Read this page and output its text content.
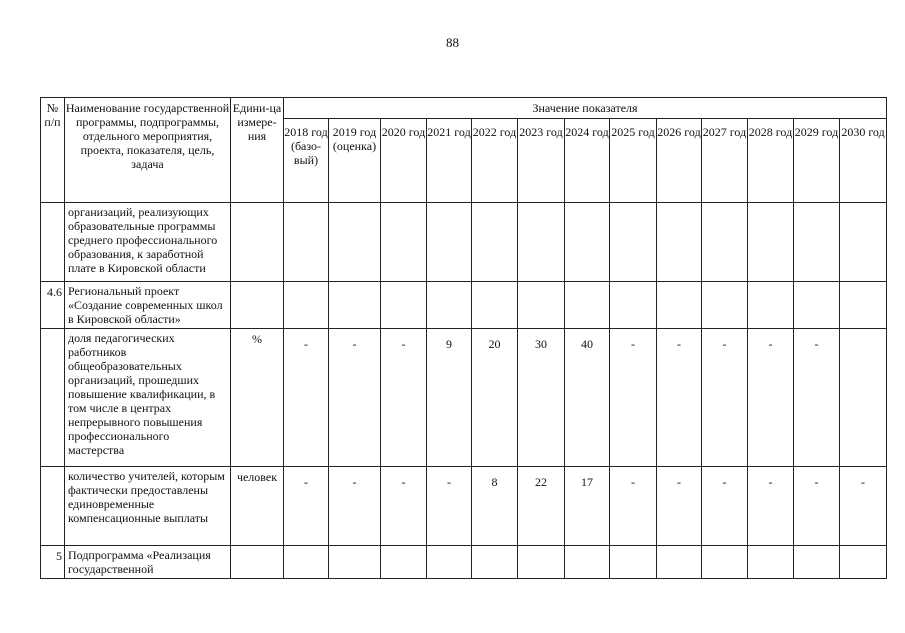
88
№ п/п	Наименование государственной программы, подпрограммы, отдельного мероприятия, проекта, показателя, цель, задача	Едини-ца измере-ния	Значение показателя												
			2018 год (базо-вый)	2019 год (оценка)	2020 год	2021 год	2022 год	2023 год	2024 год	2025 год	2026 год	2027 год	2028 год	2029 год	2030 год
	организаций, реализующих образовательные программы среднего профессионального образования, к заработной плате в Кировской области														
4.6	Региональный проект «Создание современных школ в Кировской области»														
	доля педагогических работников общеобразовательных организаций, прошедших повышение квалификации, в том числе в центрах непрерывного повышения профессионального мастерства	%	-	-	-	9	20	30	40	-	-	-	-	-	
	количество учителей, которым фактически предоставлены единовременные компенсационные выплаты	человек	-	-	-	-	8	22	17	-	-	-	-	-	-
5	Подпрограмма «Реализация государственной														
